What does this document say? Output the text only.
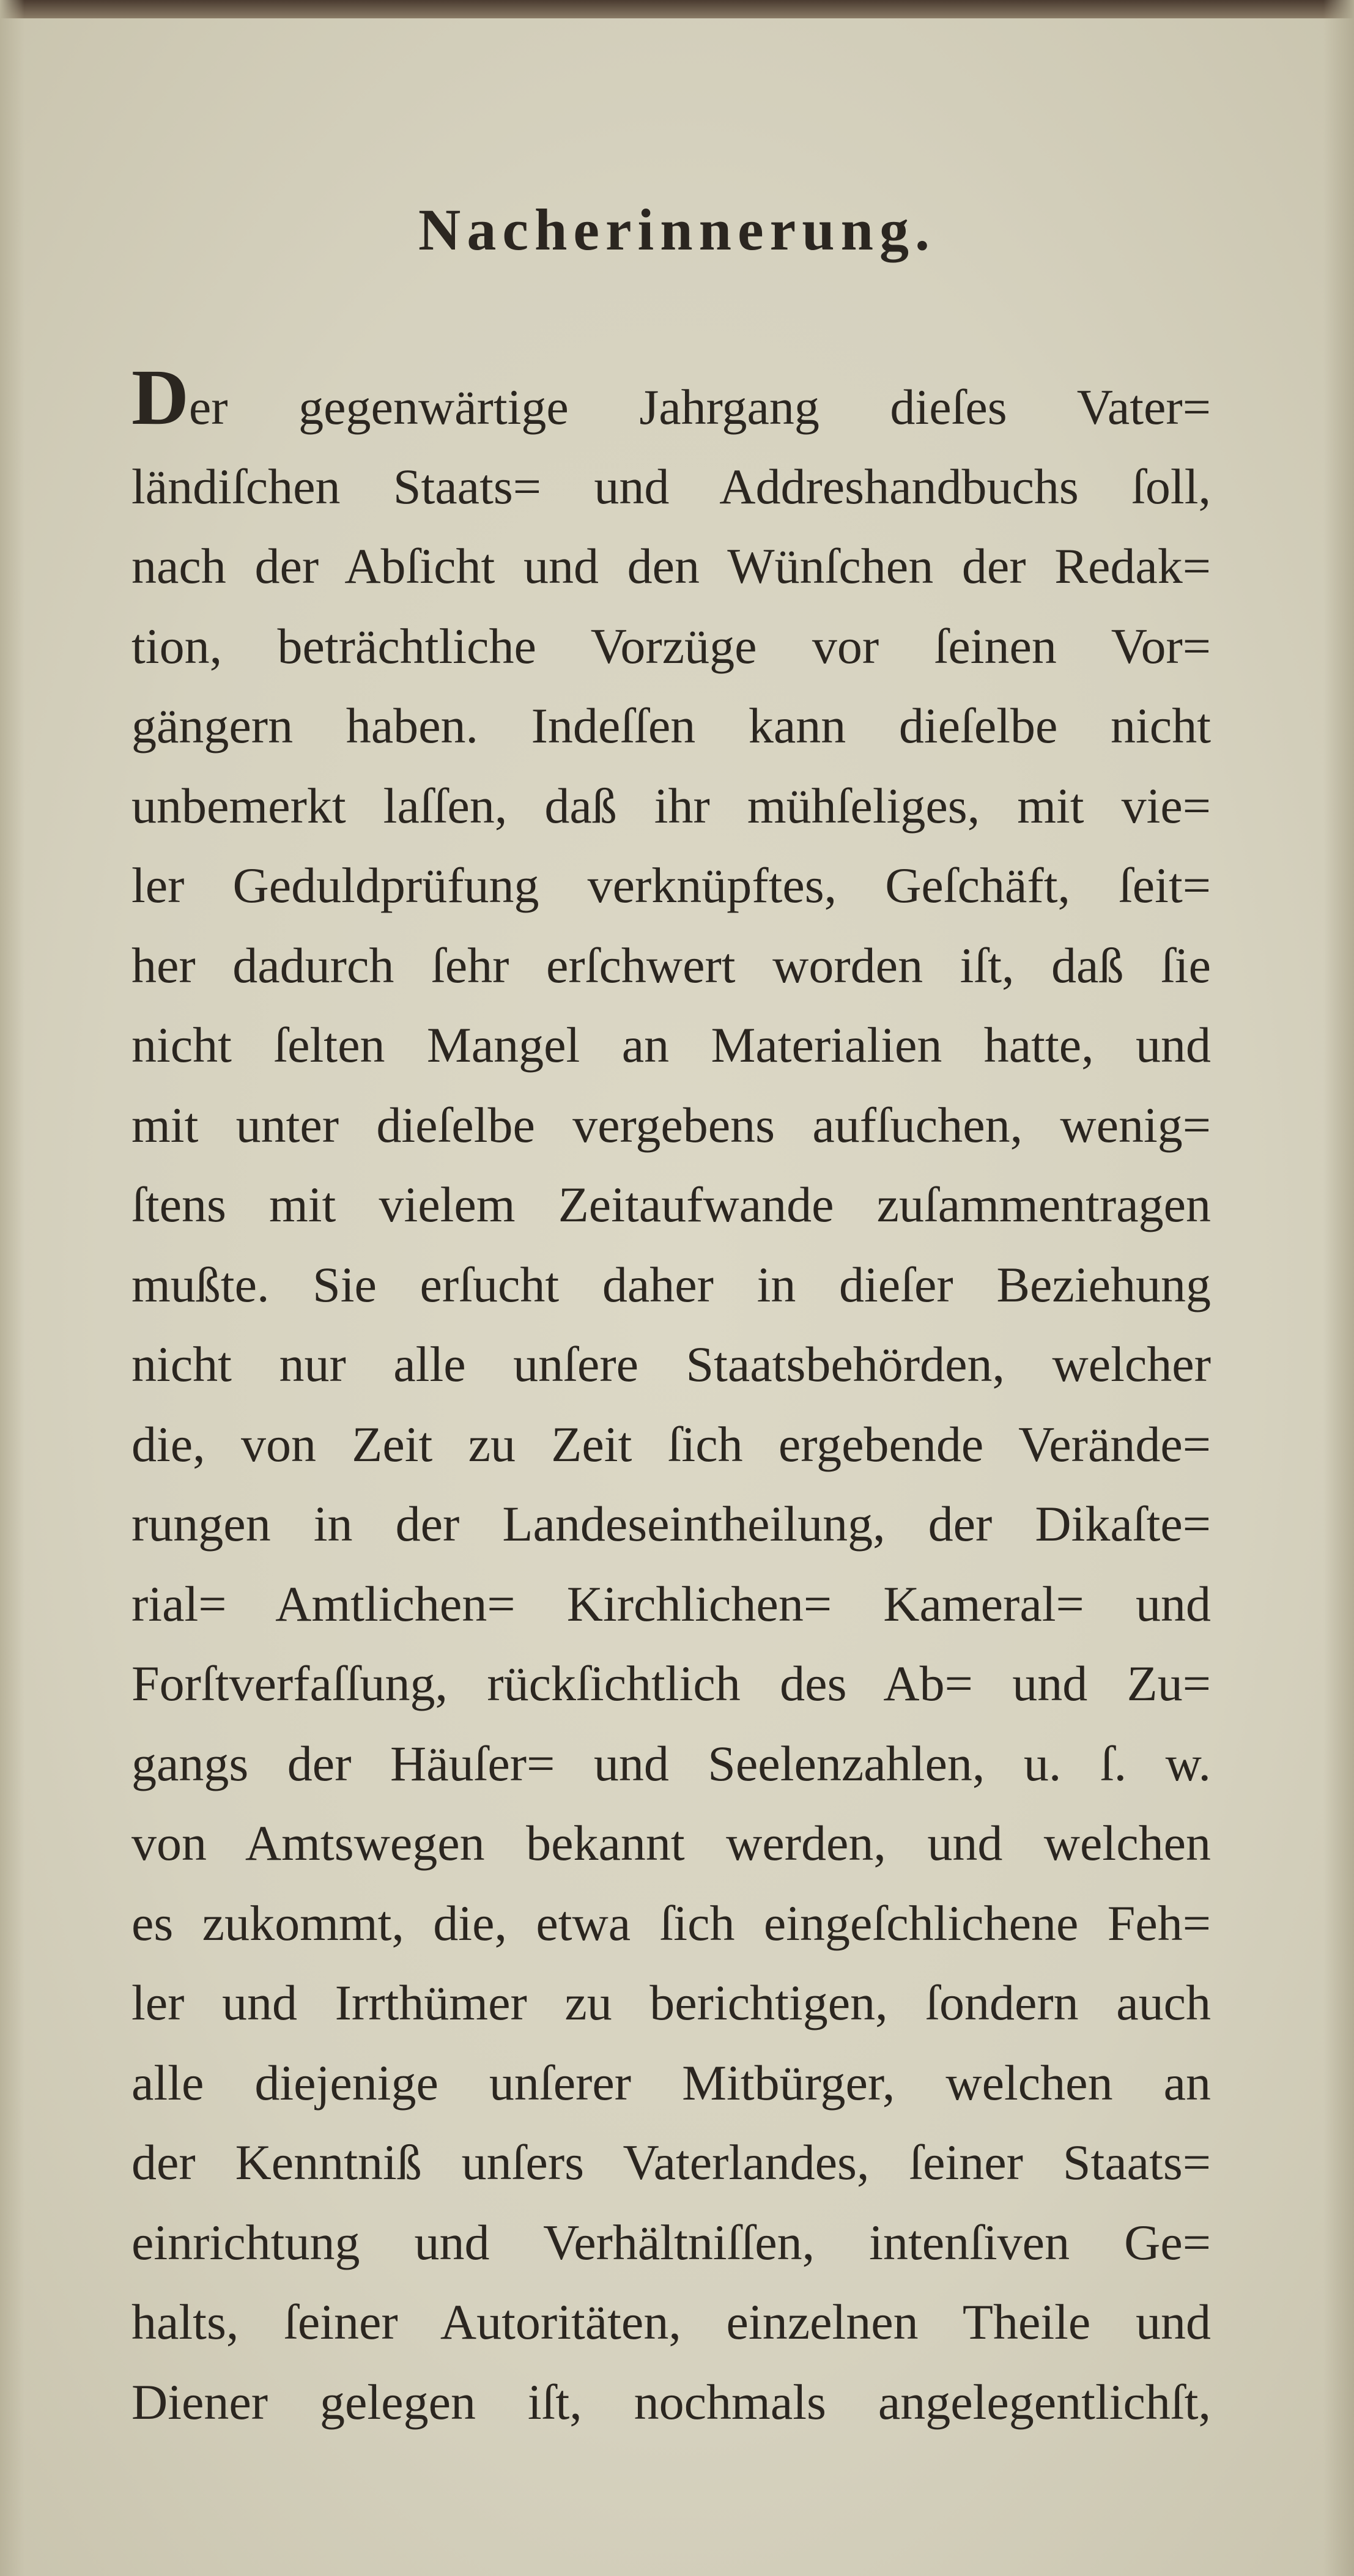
Nacherinnerung.
Der gegenwärtige Jahrgang dieſes Vater=
ländiſchen Staats= und Addreshandbuchs ſoll,
nach der Abſicht und den Wünſchen der Redak=
tion, beträchtliche Vorzüge vor ſeinen Vor=
gängern haben. Indeſſen kann dieſelbe nicht
unbemerkt laſſen, daß ihr mühſeliges, mit vie=
ler Geduldprüfung verknüpftes, Geſchäft, ſeit=
her dadurch ſehr erſchwert worden iſt, daß ſie
nicht ſelten Mangel an Materialien hatte, und
mit unter dieſelbe vergebens aufſuchen, wenig=
ſtens mit vielem Zeitaufwande zuſammentragen
mußte. Sie erſucht daher in dieſer Beziehung
nicht nur alle unſere Staatsbehörden, welcher
die, von Zeit zu Zeit ſich ergebende Verände=
rungen in der Landeseintheilung, der Dikaſte=
rial= Amtlichen= Kirchlichen= Kameral= und
Forſtverfaſſung, rückſichtlich des Ab= und Zu=
gangs der Häuſer= und Seelenzahlen, u. ſ. w.
von Amtswegen bekannt werden, und welchen
es zukommt, die, etwa ſich eingeſchlichene Feh=
ler und Irrthümer zu berichtigen, ſondern auch
alle diejenige unſerer Mitbürger, welchen an
der Kenntniß unſers Vaterlandes, ſeiner Staats=
einrichtung und Verhältniſſen, intenſiven Ge=
halts, ſeiner Autoritäten, einzelnen Theile und
Diener gelegen iſt, nochmals angelegentlichſt,
